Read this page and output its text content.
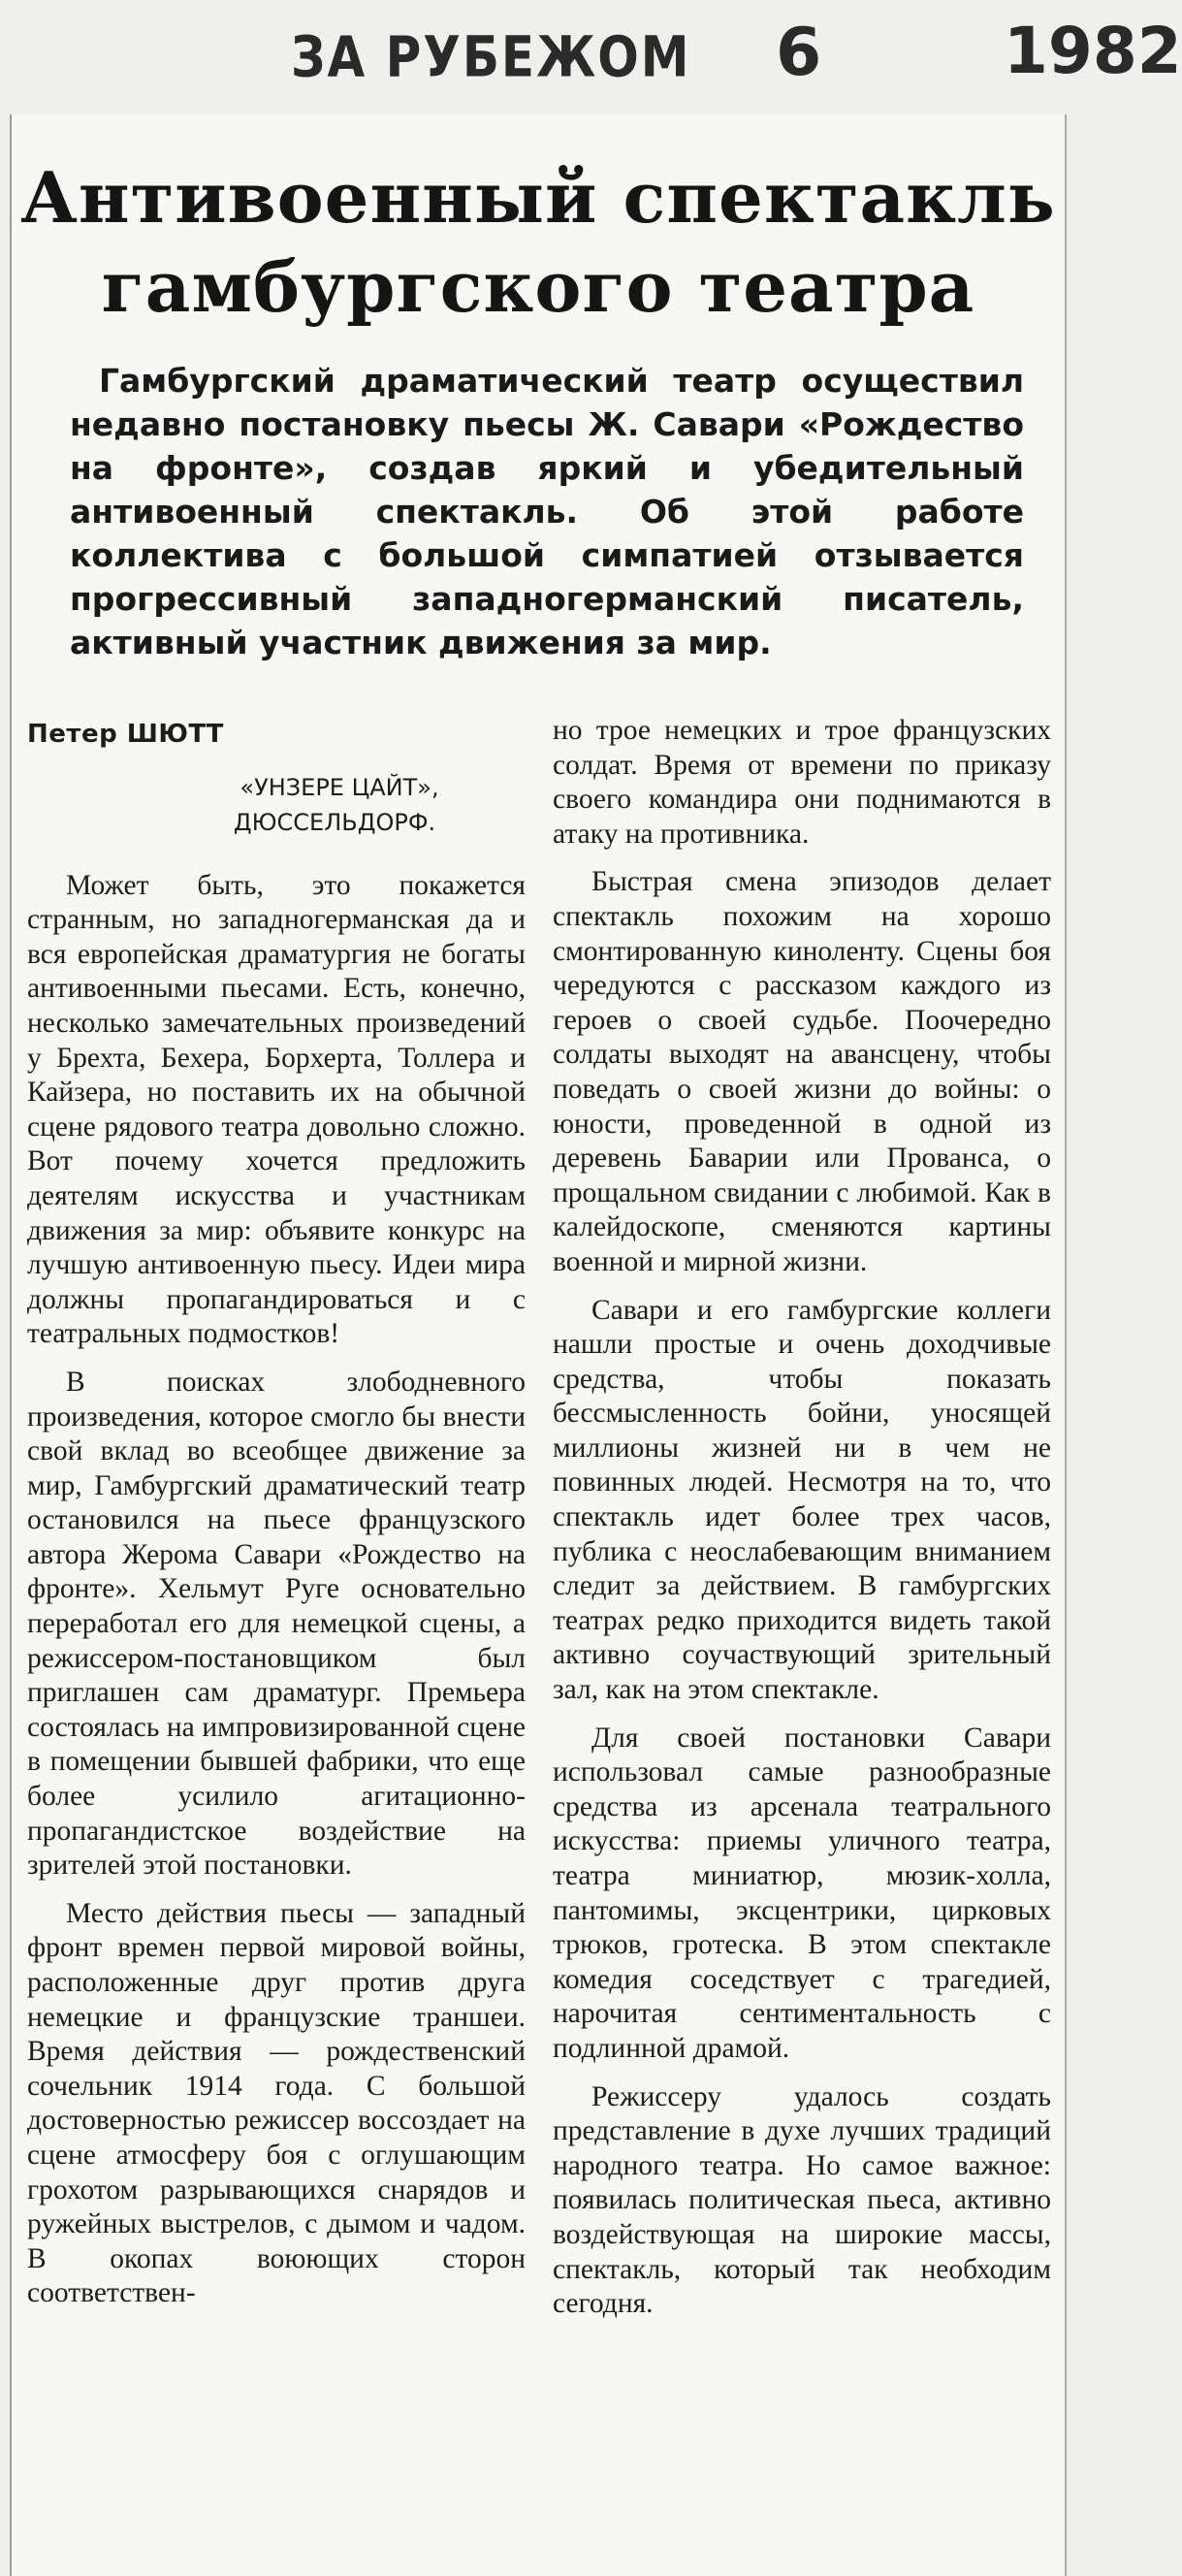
ЗА РУБЕЖОМ 6	1982
Антивоенный спектакль
гамбургского театра
Гамбургский драматический театр осуществил недавно постановку пьесы Ж. Савари «Рождество на фронте», создав яркий и убедительный антивоенный спектакль. Об этой работе коллектива с большой симпатией отзывается прогрессивный западногерманский писатель, активный участник движения за мир.
Петер ШЮТТ
«УНЗЕРЕ ЦАЙТ»,
ДЮССЕЛЬДОРФ.

Может быть, это покажется странным, но западногерманская да и вся европейская драматургия не богаты антивоенными пьесами. Есть, конечно, несколько замечательных произведений у Брехта, Бехера, Борхерта, Толлера и Кайзера, но поставить их на обычной сцене рядового театра довольно сложно. Вот почему хочется предложить деятелям искусства и участникам движения за мир: объявите конкурс на лучшую антивоенную пьесу. Идеи мира должны пропагандироваться и с театральных подмостков!

В поисках злободневного произведения, которое смогло бы внести свой вклад во всеобщее движение за мир, Гамбургский драматический театр остановился на пьесе французского автора Жерома Савари «Рождество на фронте». Хельмут Руге основательно переработал его для немецкой сцены, а режиссером-постановщиком был приглашен сам драматург. Премьера состоялась на импровизированной сцене в помещении бывшей фабрики, что еще более усилило агитационно-пропагандистское воздействие на зрителей этой постановки.

Место действия пьесы — западный фронт времен первой мировой войны, расположенные друг против друга немецкие и французские траншеи. Время действия — рождественский сочельник 1914 года. С большой достоверностью режиссер воссоздает на сцене атмосферу боя с оглушающим грохотом разрывающихся снарядов и ружейных выстрелов, с дымом и чадом. В окопах воюющих сторон соответствен-

но трое немецких и трое французских солдат. Время от времени по приказу своего командира они поднимаются в атаку на противника.

Быстрая смена эпизодов делает спектакль похожим на хорошо смонтированную киноленту. Сцены боя чередуются с рассказом каждого из героев о своей судьбе. Поочередно солдаты выходят на авансцену, чтобы поведать о своей жизни до войны: о юности, проведенной в одной из деревень Баварии или Прованса, о прощальном свидании с любимой. Как в калейдоскопе, сменяются картины военной и мирной жизни.

Савари и его гамбургские коллеги нашли простые и очень доходчивые средства, чтобы показать бессмысленность бойни, уносящей миллионы жизней ни в чем не повинных людей. Несмотря на то, что спектакль идет более трех часов, публика с неослабевающим вниманием следит за действием. В гамбургских театрах редко приходится видеть такой активно соучаствующий зрительный зал, как на этом спектакле.

Для своей постановки Савари использовал самые разнообразные средства из арсенала театрального искусства: приемы уличного театра, театра миниатюр, мюзик-холла, пантомимы, эксцентрики, цирковых трюков, гротеска. В этом спектакле комедия соседствует с трагедией, нарочитая сентиментальность с подлинной драмой.

Режиссеру удалось создать представление в духе лучших традиций народного театра. Но самое важное: появилась политическая пьеса, активно воздействующая на широкие массы, спектакль, который так необходим сегодня.
